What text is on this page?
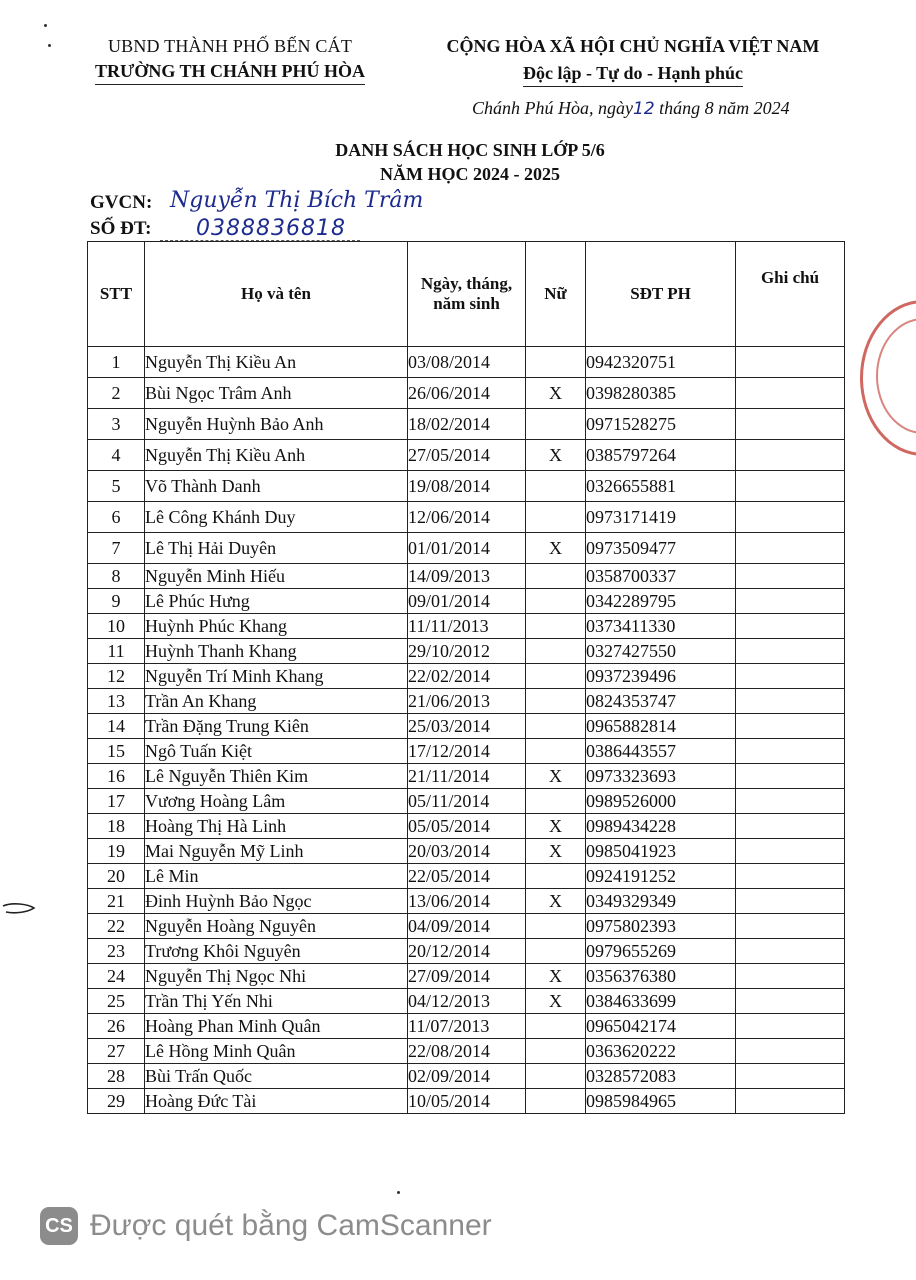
UBND THÀNH PHỐ BẾN CÁT
TRƯỜNG TH CHÁNH PHÚ HÒA
CỘNG HÒA XÃ HỘI CHỦ NGHĨA VIỆT NAM
Độc lập - Tự do - Hạnh phúc
Chánh Phú Hòa, ngày12 tháng 8 năm 2024
DANH SÁCH HỌC SINH LỚP 5/6
NĂM HỌC 2024 - 2025
GVCN: Nguyễn Thị Bích Trâm
SỐ ĐT: 0388836818
STT	Họ và tên	Ngày, tháng, năm sinh	Nữ	SĐT PH	Ghi chú
1	Nguyễn Thị Kiều An	03/08/2014		0942320751	
2	Bùi Ngọc Trâm Anh	26/06/2014	X	0398280385	
3	Nguyễn Huỳnh Bảo Anh	18/02/2014		0971528275	
4	Nguyễn Thị Kiều Anh	27/05/2014	X	0385797264	
5	Võ Thành Danh	19/08/2014		0326655881	
6	Lê Công Khánh Duy	12/06/2014		0973171419	
7	Lê Thị Hải Duyên	01/01/2014	X	0973509477	
8	Nguyễn Minh Hiếu	14/09/2013		0358700337	
9	Lê Phúc Hưng	09/01/2014		0342289795	
10	Huỳnh Phúc Khang	11/11/2013		0373411330	
11	Huỳnh Thanh Khang	29/10/2012		0327427550	
12	Nguyễn Trí Minh Khang	22/02/2014		0937239496	
13	Trần An Khang	21/06/2013		0824353747	
14	Trần Đặng Trung Kiên	25/03/2014		0965882814	
15	Ngô Tuấn Kiệt	17/12/2014		0386443557	
16	Lê Nguyễn Thiên Kim	21/11/2014	X	0973323693	
17	Vương Hoàng Lâm	05/11/2014		0989526000	
18	Hoàng Thị Hà Linh	05/05/2014	X	0989434228	
19	Mai Nguyễn Mỹ Linh	20/03/2014	X	0985041923	
20	Lê Min	22/05/2014		0924191252	
21	Đinh Huỳnh Bảo Ngọc	13/06/2014	X	0349329349	
22	Nguyễn Hoàng Nguyên	04/09/2014		0975802393	
23	Trương Khôi Nguyên	20/12/2014		0979655269	
24	Nguyễn Thị Ngọc Nhi	27/09/2014	X	0356376380	
25	Trần Thị Yến Nhi	04/12/2013	X	0384633699	
26	Hoàng Phan Minh Quân	11/07/2013		0965042174	
27	Lê Hồng Minh Quân	22/08/2014		0363620222	
28	Bùi Trấn Quốc	02/09/2014		0328572083	
29	Hoàng Đức Tài	10/05/2014		0985984965	
CS Được quét bằng CamScanner
